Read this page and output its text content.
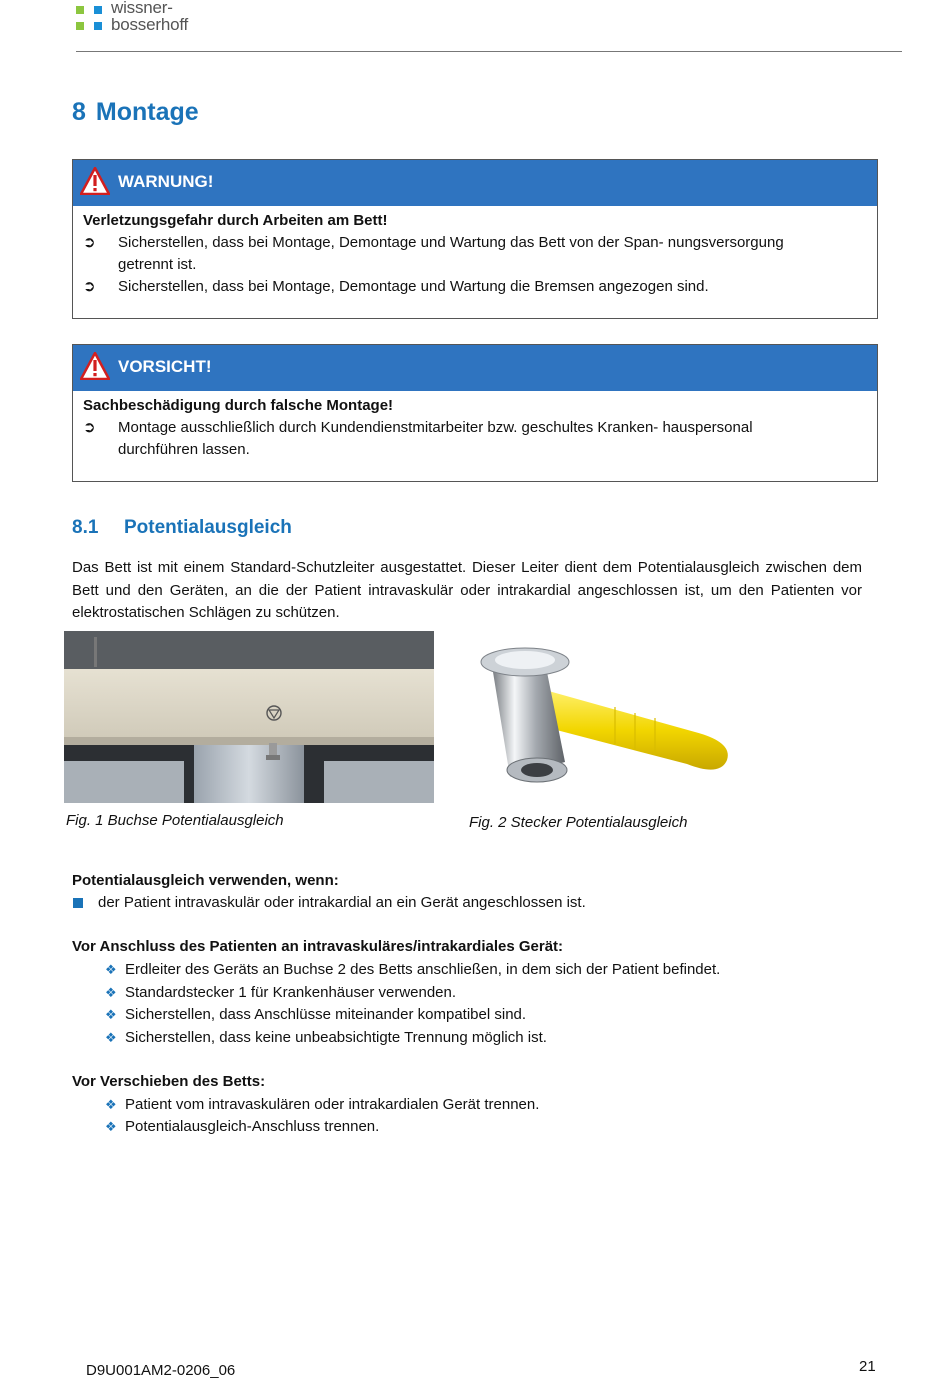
wissner-
bosserhoff
8 Montage
WARNUNG!
Verletzungsgefahr durch Arbeiten am Bett!
➲ Sicherstellen, dass bei Montage, Demontage und Wartung das Bett von der Span- nungsversorgung
getrennt ist.
➲ Sicherstellen, dass bei Montage, Demontage und Wartung die Bremsen angezogen sind.
VORSICHT!
Sachbeschädigung durch falsche Montage!
➲ Montage ausschließlich durch Kundendienstmitarbeiter bzw. geschultes Kranken- hauspersonal
durchführen lassen.
8.1 Potentialausgleich
Das Bett ist mit einem Standard-Schutzleiter ausgestattet. Dieser Leiter dient dem Potentialausgleich zwischen dem Bett und den Geräten, an die der Patient intravaskulär oder intrakardial angeschlossen ist, um den Patienten vor elektrostatischen Schlägen zu schützen.
Fig. 1 Buchse Potentialausgleich	Fig. 2 Stecker Potentialausgleich
Potentialausgleich verwenden, wenn:
der Patient intravaskulär oder intrakardial an ein Gerät angeschlossen ist.
Vor Anschluss des Patienten an intravaskuläres/intrakardiales Gerät:
❖ Erdleiter des Geräts an Buchse 2 des Betts anschließen, in dem sich der Patient befindet.
❖ Standardstecker 1 für Krankenhäuser verwenden.
❖ Sicherstellen, dass Anschlüsse miteinander kompatibel sind.
❖ Sicherstellen, dass keine unbeabsichtigte Trennung möglich ist.
Vor Verschieben des Betts:
❖ Patient vom intravaskulären oder intrakardialen Gerät trennen.
❖ Potentialausgleich-Anschluss trennen.
D9U001AM2-0206_06	21
